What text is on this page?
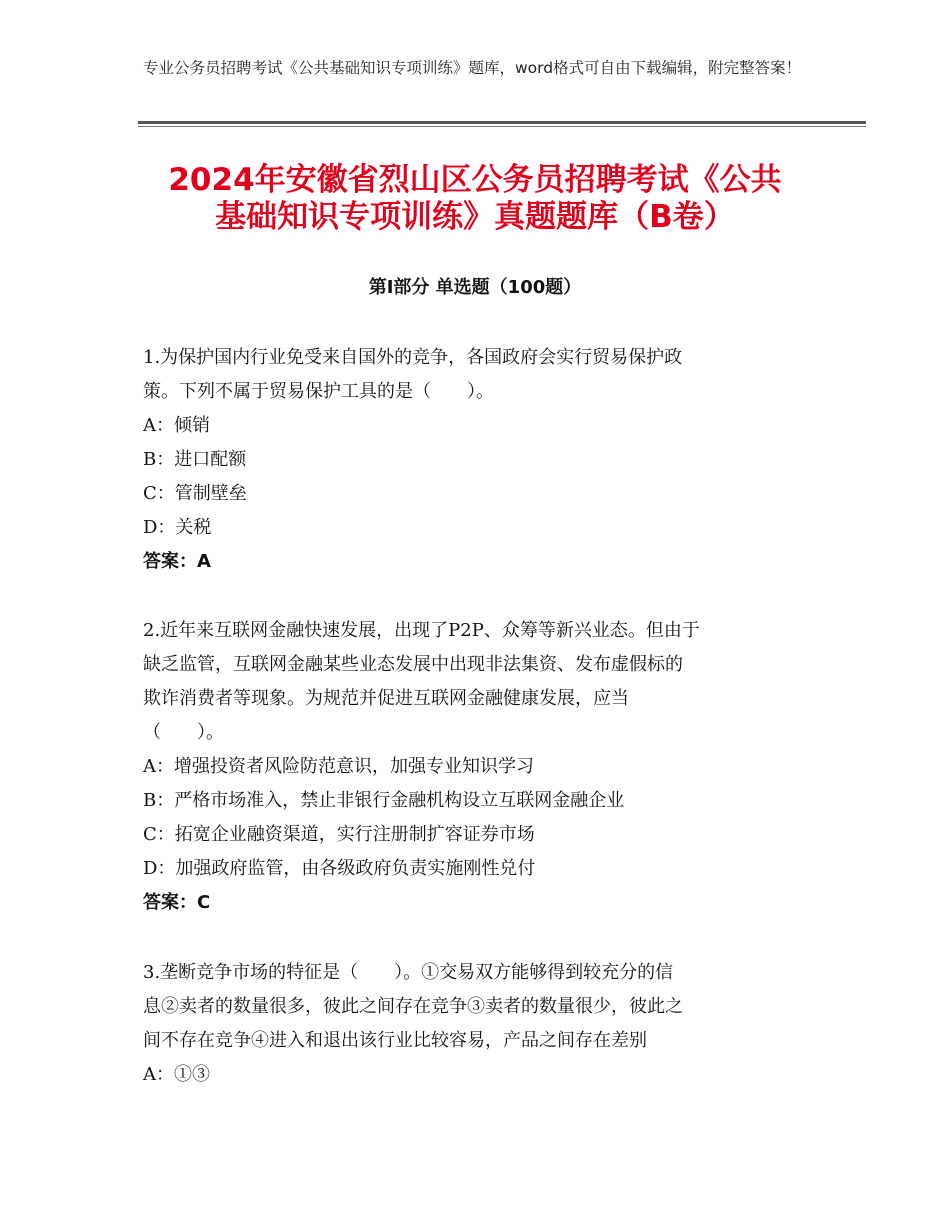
专业公务员招聘考试《公共基础知识专项训练》题库，word格式可自由下载编辑，附完整答案！
2024年安徽省烈山区公务员招聘考试《公共
基础知识专项训练》真题题库（B卷）
第Ⅰ部分 单选题（100题）

1.为保护国内行业免受来自国外的竞争，各国政府会实行贸易保护政

策。下列不属于贸易保护工具的是（　　）。

A：倾销

B：进口配额

C：管制壁垒

D：关税

答案：A

2.近年来互联网金融快速发展，出现了P2P、众筹等新兴业态。但由于

缺乏监管，互联网金融某些业态发展中出现非法集资、发布虚假标的

欺诈消费者等现象。为规范并促进互联网金融健康发展，应当

（　　）。

A：增强投资者风险防范意识，加强专业知识学习

B：严格市场准入，禁止非银行金融机构设立互联网金融企业

C：拓宽企业融资渠道，实行注册制扩容证券市场

D：加强政府监管，由各级政府负责实施刚性兑付

答案：C

3.垄断竞争市场的特征是（　　）。①交易双方能够得到较充分的信

息②卖者的数量很多，彼此之间存在竞争③卖者的数量很少，彼此之

间不存在竞争④进入和退出该行业比较容易，产品之间存在差别

A：①③
